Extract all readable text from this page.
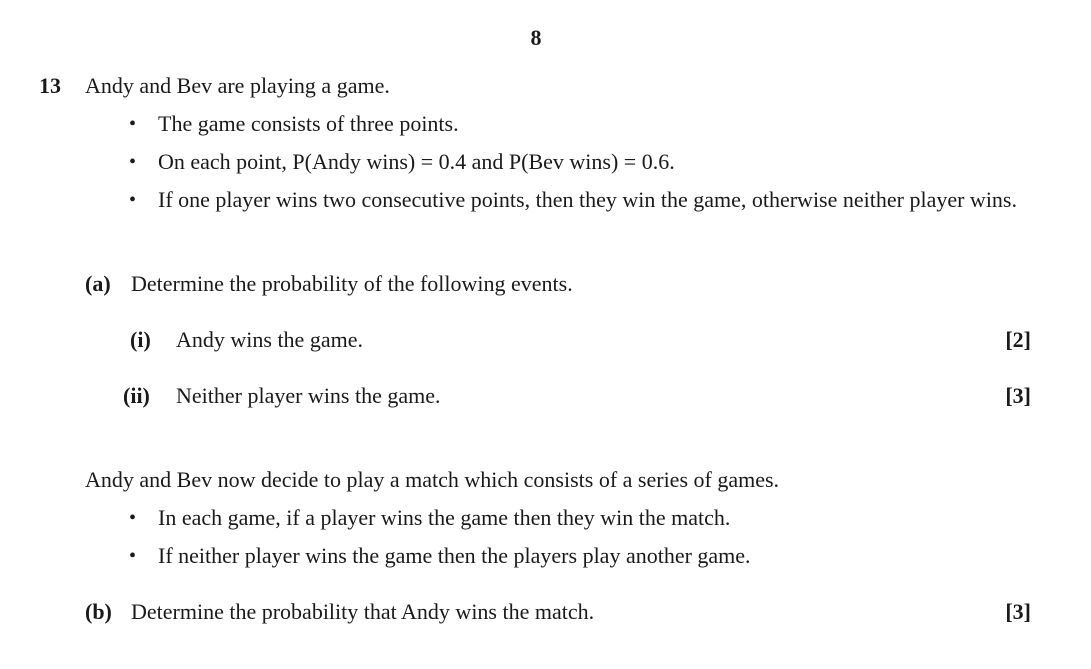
8
13 Andy and Bev are playing a game.
• The game consists of three points.
• On each point, P(Andy wins) = 0.4 and P(Bev wins) = 0.6.
• If one player wins two consecutive points, then they win the game, otherwise neither player wins.
(a) Determine the probability of the following events.
(i) Andy wins the game.	[2]
(ii) Neither player wins the game.	[3]
Andy and Bev now decide to play a match which consists of a series of games.
• In each game, if a player wins the game then they win the match.
• If neither player wins the game then the players play another game.
(b) Determine the probability that Andy wins the match.	[3]
